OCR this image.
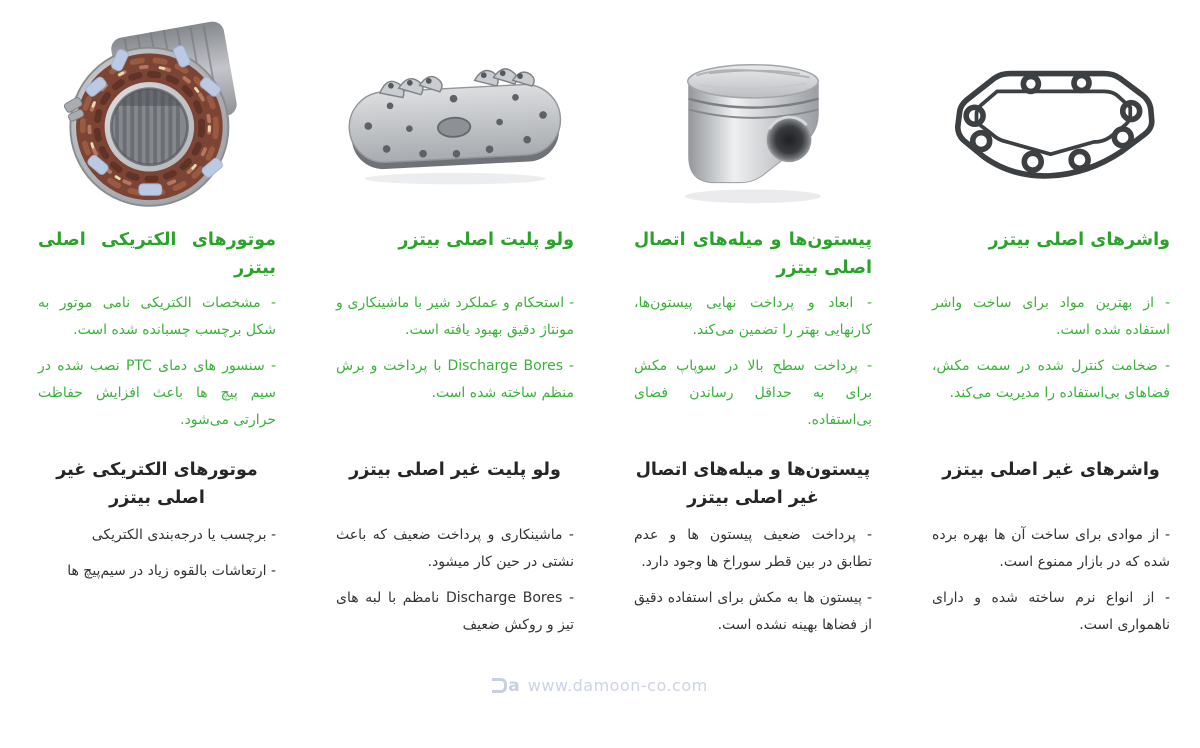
واشرهای اصلی بیتزر

- از بهترین مواد برای ساخت واشر استفاده شده است.

- ضخامت کنترل شده در سمت مکش، فضاهای بی‌استفاده را مدیریت می‌کند.

واشرهای غیر اصلی بیتزر

- از موادی برای ساخت آن ها بهره برده شده که در بازار ممنوع است.

- از انواع نرم ساخته شده و دارای ناهمواری است.

پیستون‌ها و میله‌های اتصال اصلی بیتزر

- ابعاد و پرداخت نهایی پیستون‌ها، کارنهایی بهتر را تضمین می‌کند.

- پرداخت سطح بالا در سوپاپ مکش برای به حداقل رساندن فضای بی‌استفاده.

پیستون‌ها و میله‌های اتصال غیر اصلی بیتزر

- پرداخت ضعیف پیستون ها و عدم تطابق در بین قطر سوراخ ها وجود دارد.

- پیستون ها به مکش برای استفاده دقیق از فضاها بهینه نشده است.

ولو پلیت اصلی بیتزر

- استحکام و عملکرد شیر با ماشینکاری و مونتاژ دقیق بهبود یافته است.

- Discharge Bores با پرداخت و برش منظم ساخته شده است.

ولو پلیت غیر اصلی بیتزر

- ماشینکاری و پرداخت ضعیف که باعث نشتی در حین کار میشود.

- Discharge Bores نامظم با لبه های تیز و روکش ضعیف

موتورهای الکتریکی اصلی بیتزر

- مشخصات الکتریکی نامی موتور به شکل برچسب چسبانده شده است.

- سنسور های دمای PTC نصب شده در سیم پیچ ها باعث افزایش حفاظت حرارتی می‌شود.

موتورهای الکتریکی غیر اصلی بیتزر

- برچسب یا درجه‌بندی الکتریکی

- ارتعاشات بالقوه زیاد در سیم‌پیچ ها

a www.damoon-co.com
